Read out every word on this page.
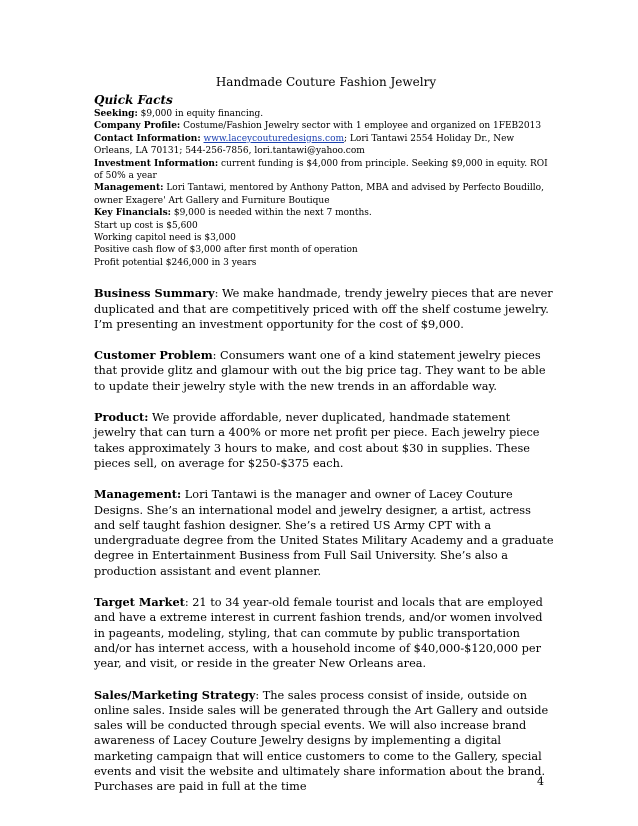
Handmade Couture Fashion Jewelry
Quick Facts

Seeking: $9,000 in equity financing.

Company Profile: Costume/Fashion Jewelry sector with 1 employee and organized on 1FEB2013

Contact Information: www.laceycouturedesigns.com; Lori Tantawi 2554 Holiday Dr., New Orleans, LA 70131; 544-256-7856, lori.tantawi@yahoo.com

Investment Information: current funding is $4,000 from principle. Seeking $9,000 in equity. ROI of 50% a year

Management: Lori Tantawi, mentored by Anthony Patton, MBA and advised by Perfecto Boudillo, owner Exagere' Art Gallery and Furniture Boutique

Key Financials: $9,000 is needed within the next 7 months.

Start up cost is $5,600

Working capitol need is $3,000

Positive cash flow of $3,000 after first month of operation

Profit potential $246,000 in 3 years

Business Summary: We make handmade, trendy jewelry pieces that are never duplicated and that are competitively priced with off the shelf costume jewelry. I’m presenting an investment opportunity for the cost of $9,000.

Customer Problem: Consumers want one of a kind statement jewelry pieces that provide glitz and glamour with out the big price tag. They want to be able to update their jewelry style with the new trends in an affordable way.

Product: We provide affordable, never duplicated, handmade statement jewelry that can turn a 400% or more net profit per piece. Each jewelry piece takes approximately 3 hours to make, and cost about $30 in supplies. These pieces sell, on average for $250-$375 each.

Management: Lori Tantawi is the manager and owner of Lacey Couture Designs. She’s an international model and jewelry designer, a artist, actress and self taught fashion designer. She’s a retired US Army CPT with a undergraduate degree from the United States Military Academy and a graduate degree in Entertainment Business from Full Sail University. She’s also a production assistant and event planner.

Target Market: 21 to 34 year-old female tourist and locals that are employed and have a extreme interest in current fashion trends, and/or women involved in pageants, modeling, styling, that can commute by public transportation and/or has internet access, with a household income of $40,000-$120,000 per year, and visit, or reside in the greater New Orleans area.

Sales/Marketing Strategy: The sales process consist of inside, outside on online sales. Inside sales will be generated through the Art Gallery and outside sales will be conducted through special events. We will also increase brand awareness of Lacey Couture Jewelry designs by implementing a digital marketing campaign that will entice customers to come to the Gallery, special events and visit the website and ultimately share information about the brand. Purchases are paid in full at the time	4
